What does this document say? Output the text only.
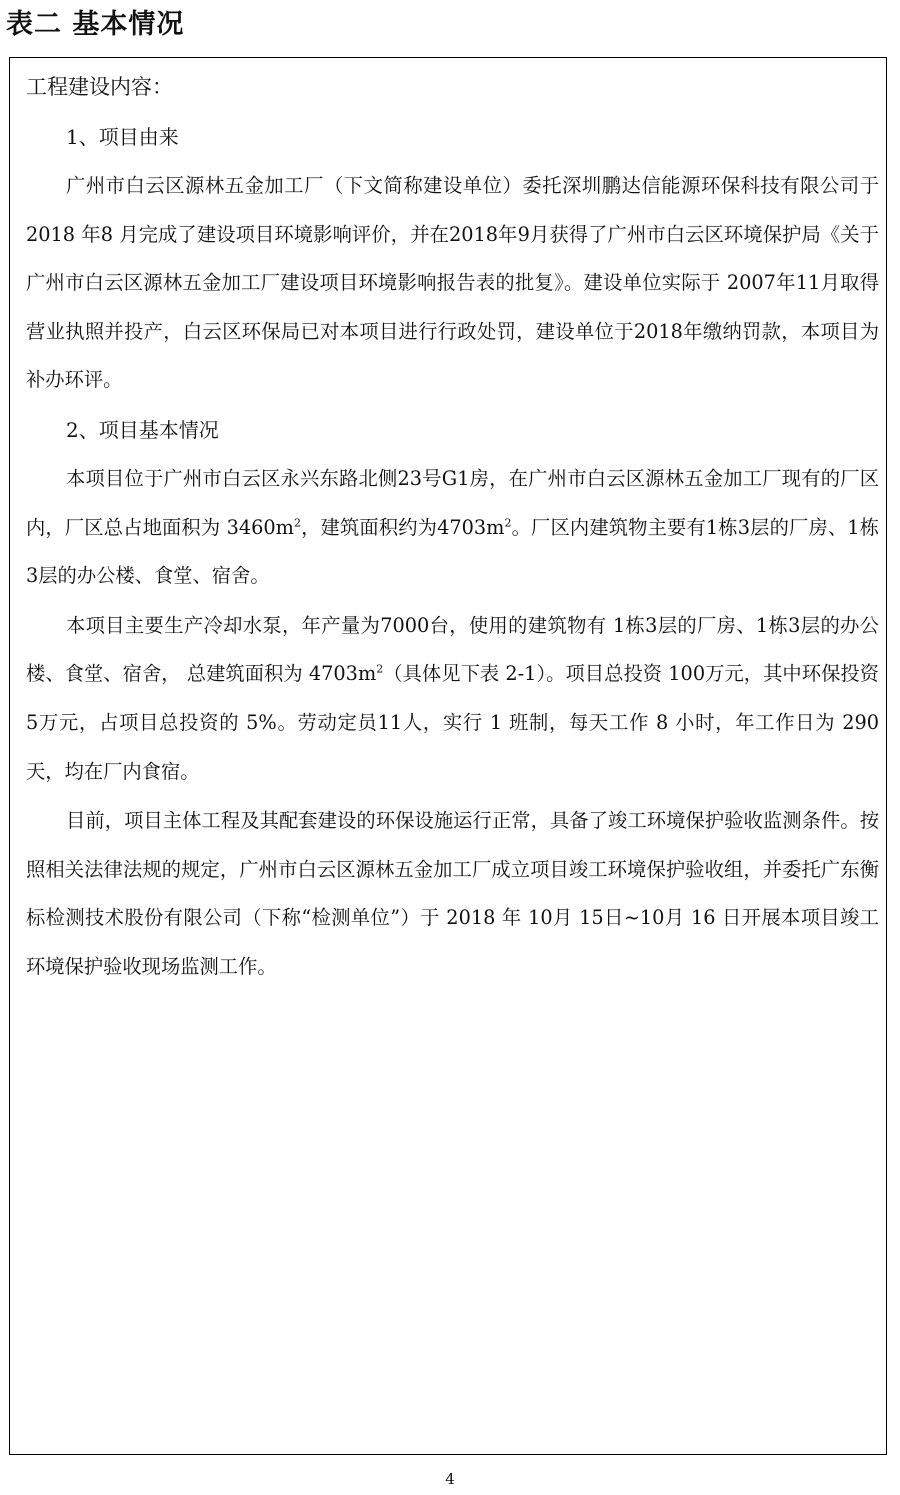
表二 基本情况

工程建设内容：

1、项目由来

广州市白云区源林五金加工厂（下文简称建设单位）委托深圳鹏达信能源环保科技有限公司于 2018 年8 月完成了建设项目环境影响评价，并在2018年9月获得了广州市白云区环境保护局《关于广州市白云区源林五金加工厂建设项目环境影响报告表的批复》。建设单位实际于 2007年11月取得营业执照并投产，白云区环保局已对本项目进行行政处罚，建设单位于2018年缴纳罚款，本项目为补办环评。

2、项目基本情况

本项目位于广州市白云区永兴东路北侧23号G1房，在广州市白云区源林五金加工厂现有的厂区内，厂区总占地面积为 $3460m^2$，建筑面积约为$4703m^2$。厂区内建筑物主要有1栋3层的厂房、1栋3层的办公楼、食堂、宿舍。

本项目主要生产冷却水泵，年产量为7000台，使用的建筑物有 1栋3层的厂房、1栋3层的办公楼、食堂、宿舍， 总建筑面积为 $4703m^2$（具体见下表 2-1）。项目总投资 100万元，其中环保投资 5万元，占项目总投资的 5%。劳动定员11人，实行 1 班制，每天工作 8 小时，年工作日为 290天，均在厂内食宿。

目前，项目主体工程及其配套建设的环保设施运行正常，具备了竣工环境保护验收监测条件。按照相关法律法规的规定，广州市白云区源林五金加工厂成立项目竣工环境保护验收组，并委托广东衡标检测技术股份有限公司（下称“检测单位”）于 2018 年 10月 15日~10月 16 日开展本项目竣工环境保护验收现场监测工作。

4
